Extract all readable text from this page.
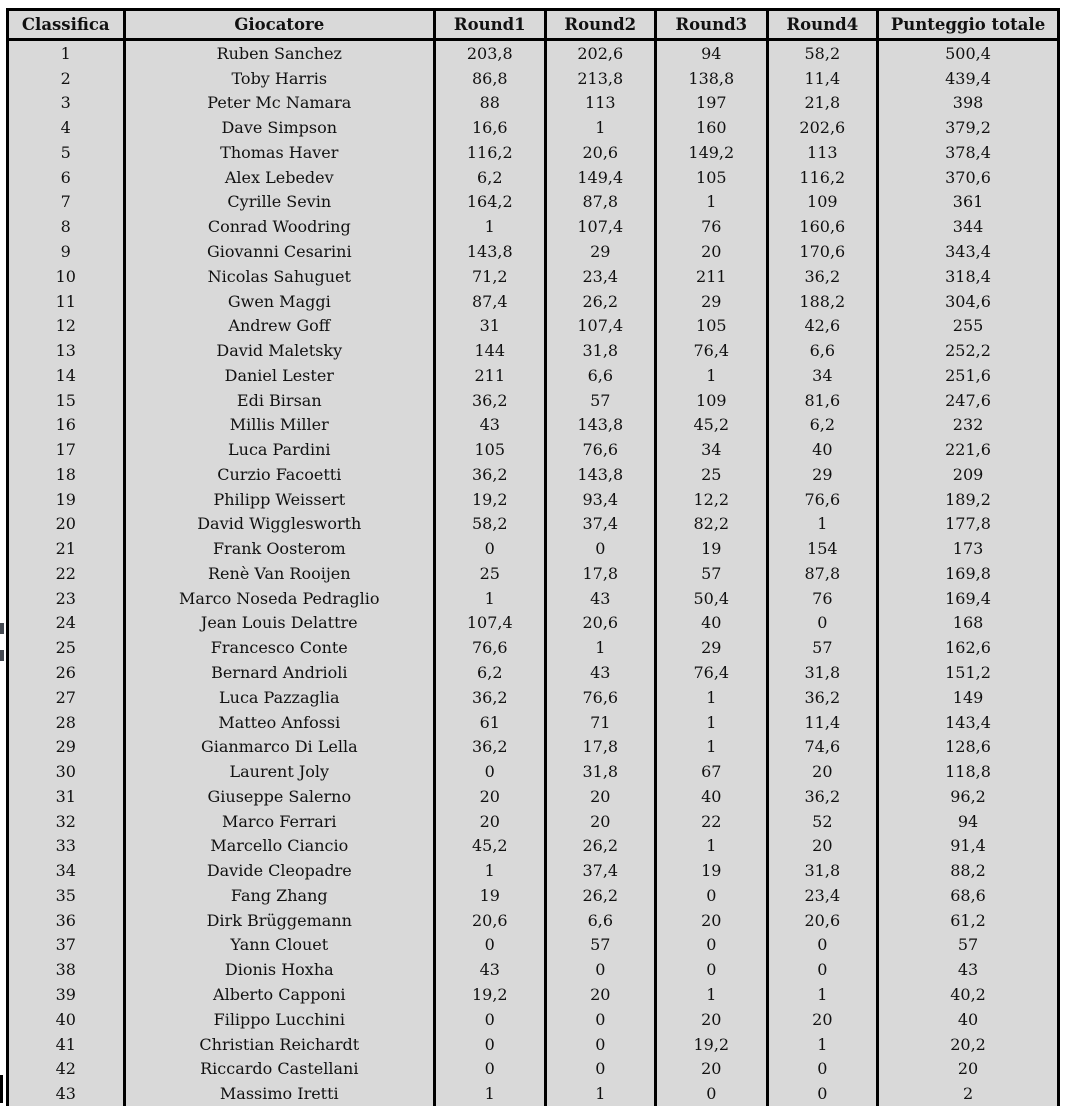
Classifica	Giocatore	Round1	Round2	Round3	Round4	Punteggio totale
1	Ruben Sanchez	203,8	202,6	94	58,2	500,4
2	Toby Harris	86,8	213,8	138,8	11,4	439,4
3	Peter Mc Namara	88	113	197	21,8	398
4	Dave Simpson	16,6	1	160	202,6	379,2
5	Thomas Haver	116,2	20,6	149,2	113	378,4
6	Alex Lebedev	6,2	149,4	105	116,2	370,6
7	Cyrille Sevin	164,2	87,8	1	109	361
8	Conrad Woodring	1	107,4	76	160,6	344
9	Giovanni Cesarini	143,8	29	20	170,6	343,4
10	Nicolas Sahuguet	71,2	23,4	211	36,2	318,4
11	Gwen Maggi	87,4	26,2	29	188,2	304,6
12	Andrew Goff	31	107,4	105	42,6	255
13	David Maletsky	144	31,8	76,4	6,6	252,2
14	Daniel Lester	211	6,6	1	34	251,6
15	Edi Birsan	36,2	57	109	81,6	247,6
16	Millis Miller	43	143,8	45,2	6,2	232
17	Luca Pardini	105	76,6	34	40	221,6
18	Curzio Facoetti	36,2	143,8	25	29	209
19	Philipp Weissert	19,2	93,4	12,2	76,6	189,2
20	David Wigglesworth	58,2	37,4	82,2	1	177,8
21	Frank Oosterom	0	0	19	154	173
22	Renè Van Rooijen	25	17,8	57	87,8	169,8
23	Marco Noseda Pedraglio	1	43	50,4	76	169,4
24	Jean Louis Delattre	107,4	20,6	40	0	168
25	Francesco Conte	76,6	1	29	57	162,6
26	Bernard Andrioli	6,2	43	76,4	31,8	151,2
27	Luca Pazzaglia	36,2	76,6	1	36,2	149
28	Matteo Anfossi	61	71	1	11,4	143,4
29	Gianmarco Di Lella	36,2	17,8	1	74,6	128,6
30	Laurent Joly	0	31,8	67	20	118,8
31	Giuseppe Salerno	20	20	40	36,2	96,2
32	Marco Ferrari	20	20	22	52	94
33	Marcello Ciancio	45,2	26,2	1	20	91,4
34	Davide Cleopadre	1	37,4	19	31,8	88,2
35	Fang Zhang	19	26,2	0	23,4	68,6
36	Dirk Brüggemann	20,6	6,6	20	20,6	61,2
37	Yann Clouet	0	57	0	0	57
38	Dionis Hoxha	43	0	0	0	43
39	Alberto Capponi	19,2	20	1	1	40,2
40	Filippo Lucchini	0	0	20	20	40
41	Christian Reichardt	0	0	19,2	1	20,2
42	Riccardo Castellani	0	0	20	0	20
43	Massimo Iretti	1	1	0	0	2
